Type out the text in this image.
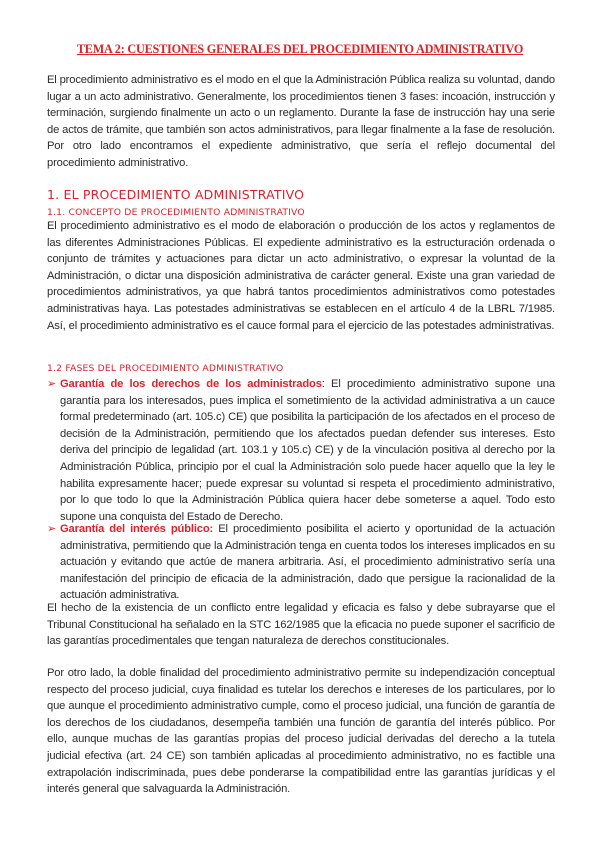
TEMA 2: CUESTIONES GENERALES DEL PROCEDIMIENTO ADMINISTRATIVO
El procedimiento administrativo es el modo en el que la Administración Pública realiza su voluntad, dando lugar a un acto administrativo. Generalmente, los procedimientos tienen 3 fases: incoación, instrucción y terminación, surgiendo finalmente un acto o un reglamento. Durante la fase de instrucción hay una serie de actos de trámite, que también son actos administrativos, para llegar finalmente a la fase de resolución. Por otro lado encontramos el expediente administrativo, que sería el reflejo documental del procedimiento administrativo.
1. EL PROCEDIMIENTO ADMINISTRATIVO
1.1. CONCEPTO DE PROCEDIMIENTO ADMINISTRATIVO
El procedimiento administrativo es el modo de elaboración o producción de los actos y reglamentos de las diferentes Administraciones Públicas. El expediente administrativo es la estructuración ordenada o conjunto de trámites y actuaciones para dictar un acto administrativo, o expresar la voluntad de la Administración, o dictar una disposición administrativa de carácter general. Existe una gran variedad de procedimientos administrativos, ya que habrá tantos procedimientos administrativos como potestades administrativas haya. Las potestades administrativas se establecen en el artículo 4 de la LBRL 7/1985. Así, el procedimiento administrativo es el cauce formal para el ejercicio de las potestades administrativas.
1.2 FASES DEL PROCEDIMIENTO ADMINISTRATIVO
➢ Garantía de los derechos de los administrados: El procedimiento administrativo supone una garantía para los interesados, pues implica el sometimiento de la actividad administrativa a un cauce formal predeterminado (art. 105.c) CE) que posibilita la participación de los afectados en el proceso de decisión de la Administración, permitiendo que los afectados puedan defender sus intereses. Esto deriva del principio de legalidad (art. 103.1 y 105.c) CE) y de la vinculación positiva al derecho por la Administración Pública, principio por el cual la Administración solo puede hacer aquello que la ley le habilita expresamente hacer; puede expresar su voluntad si respeta el procedimiento administrativo, por lo que todo lo que la Administración Pública quiera hacer debe someterse a aquel. Todo esto supone una conquista del Estado de Derecho.
➢ Garantía del interés público: El procedimiento posibilita el acierto y oportunidad de la actuación administrativa, permitiendo que la Administración tenga en cuenta todos los intereses implicados en su actuación y evitando que actúe de manera arbitraria. Así, el procedimiento administrativo sería una manifestación del principio de eficacia de la administración, dado que persigue la racionalidad de la actuación administrativa.
El hecho de la existencia de un conflicto entre legalidad y eficacia es falso y debe subrayarse que el Tribunal Constitucional ha señalado en la STC 162/1985 que la eficacia no puede suponer el sacrificio de las garantías procedimentales que tengan naturaleza de derechos constitucionales.
Por otro lado, la doble finalidad del procedimiento administrativo permite su independización conceptual respecto del proceso judicial, cuya finalidad es tutelar los derechos e intereses de los particulares, por lo que aunque el procedimiento administrativo cumple, como el proceso judicial, una función de garantía de los derechos de los ciudadanos, desempeña también una función de garantía del interés público. Por ello, aunque muchas de las garantías propias del proceso judicial derivadas del derecho a la tutela judicial efectiva (art. 24 CE) son también aplicadas al procedimiento administrativo, no es factible una extrapolación indiscriminada, pues debe ponderarse la compatibilidad entre las garantías jurídicas y el interés general que salvaguarda la Administración.
